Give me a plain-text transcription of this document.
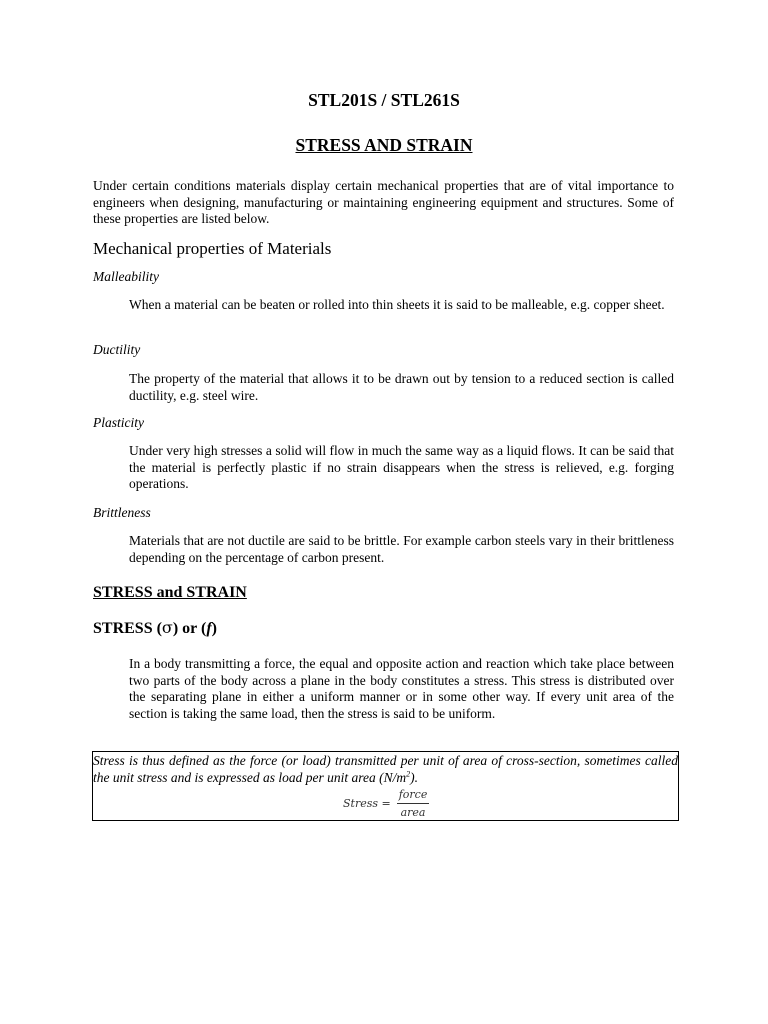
STL201S / STL261S
STRESS AND STRAIN
Under certain conditions materials display certain mechanical properties that are of vital importance to engineers when designing, manufacturing or maintaining engineering equipment and structures. Some of these properties are listed below.
Mechanical properties of Materials
Malleability
When a material can be beaten or rolled into thin sheets it is said to be malleable, e.g. copper sheet.
Ductility
The property of the material that allows it to be drawn out by tension to a reduced section is called ductility, e.g. steel wire.
Plasticity
Under very high stresses a solid will flow in much the same way as a liquid flows. It can be said that the material is perfectly plastic if no strain disappears when the stress is relieved, e.g. forging operations.
Brittleness
Materials that are not ductile are said to be brittle. For example carbon steels vary in their brittleness depending on the percentage of carbon present.
STRESS and STRAIN
STRESS (σ) or (f)
In a body transmitting a force, the equal and opposite action and reaction which take place between two parts of the body across a plane in the body constitutes a stress. This stress is distributed over the separating plane in either a uniform manner or in some other way. If every unit area of the section is taking the same load, then the stress is said to be uniform.
Stress is thus defined as the force (or load) transmitted per unit of area of cross-section, sometimes called the unit stress and is expressed as load per unit area $(N/m^2)$.
Stress = $\frac{\text{force}}{\text{area}}$
